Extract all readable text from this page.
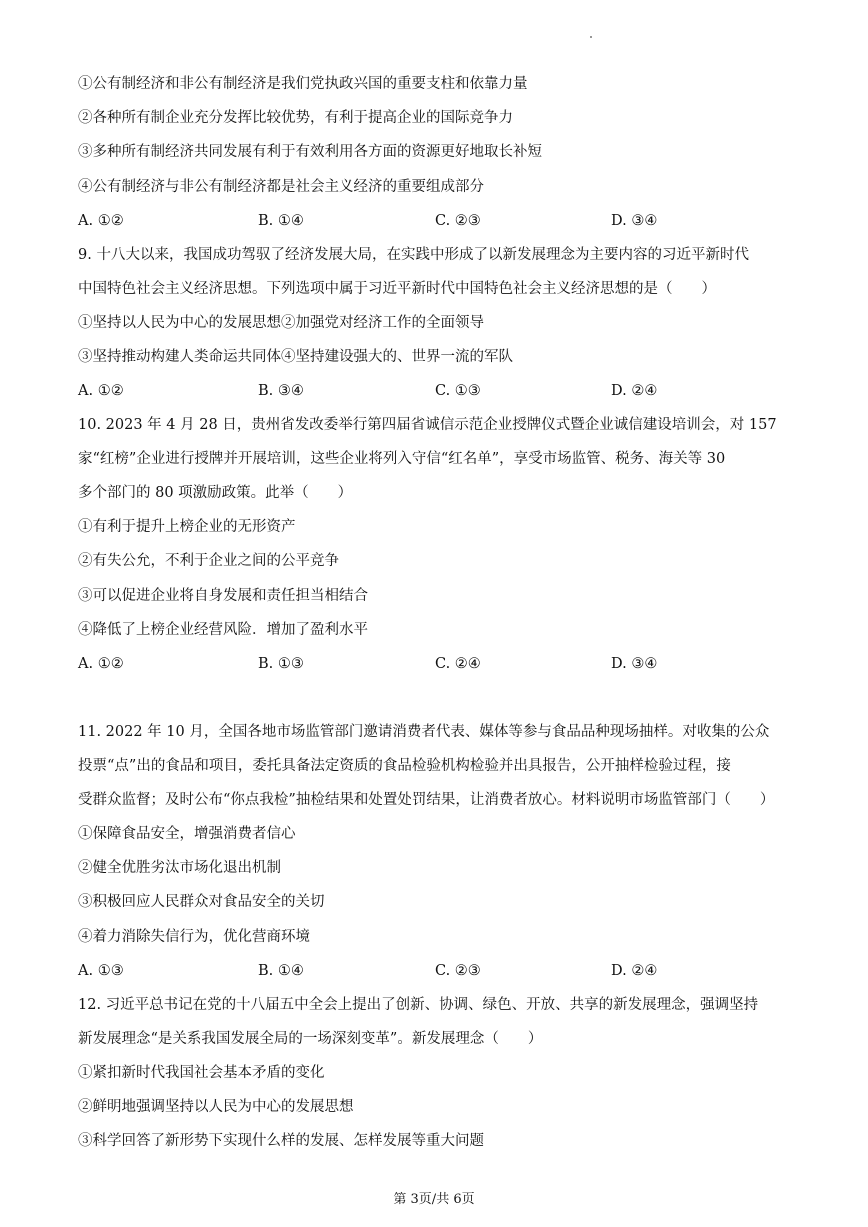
①公有制经济和非公有制经济是我们党执政兴国的重要支柱和依靠力量
②各种所有制企业充分发挥比较优势，有利于提高企业的国际竞争力
③多种所有制经济共同发展有利于有效利用各方面的资源更好地取长补短
④公有制经济与非公有制经济都是社会主义经济的重要组成部分
A. ①②	B. ①④	C. ②③	D. ③④
9. 十八大以来，我国成功驾驭了经济发展大局，在实践中形成了以新发展理念为主要内容的习近平新时代
中国特色社会主义经济思想。下列选项中属于习近平新时代中国特色社会主义经济思想的是（　　）
①坚持以人民为中心的发展思想②加强党对经济工作的全面领导
③坚持推动构建人类命运共同体④坚持建设强大的、世界一流的军队
A. ①②	B. ③④	C. ①③	D. ②④
10. 2023 年 4 月 28 日，贵州省发改委举行第四届省诚信示范企业授牌仪式暨企业诚信建设培训会，对 157
家“红榜”企业进行授牌并开展培训，这些企业将列入守信“红名单”，享受市场监管、税务、海关等 30
多个部门的 80 项激励政策。此举（　　）
①有利于提升上榜企业的无形资产
②有失公允，不利于企业之间的公平竞争
③可以促进企业将自身发展和责任担当相结合
④降低了上榜企业经营风险．增加了盈利水平
A. ①②	B. ①③	C. ②④	D. ③④
11. 2022 年 10 月，全国各地市场监管部门邀请消费者代表、媒体等参与食品品种现场抽样。对收集的公众
投票“点”出的食品和项目，委托具备法定资质的食品检验机构检验并出具报告，公开抽样检验过程，接
受群众监督；及时公布“你点我检”抽检结果和处置处罚结果，让消费者放心。材料说明市场监管部门（　　）
①保障食品安全，增强消费者信心
②健全优胜劣汰市场化退出机制
③积极回应人民群众对食品安全的关切
④着力消除失信行为，优化营商环境
A. ①③	B. ①④	C. ②③	D. ②④
12. 习近平总书记在党的十八届五中全会上提出了创新、协调、绿色、开放、共享的新发展理念，强调坚持
新发展理念“是关系我国发展全局的一场深刻变革”。新发展理念（　　）
①紧扣新时代我国社会基本矛盾的变化
②鲜明地强调坚持以人民为中心的发展思想
③科学回答了新形势下实现什么样的发展、怎样发展等重大问题
第 3页/共 6页
